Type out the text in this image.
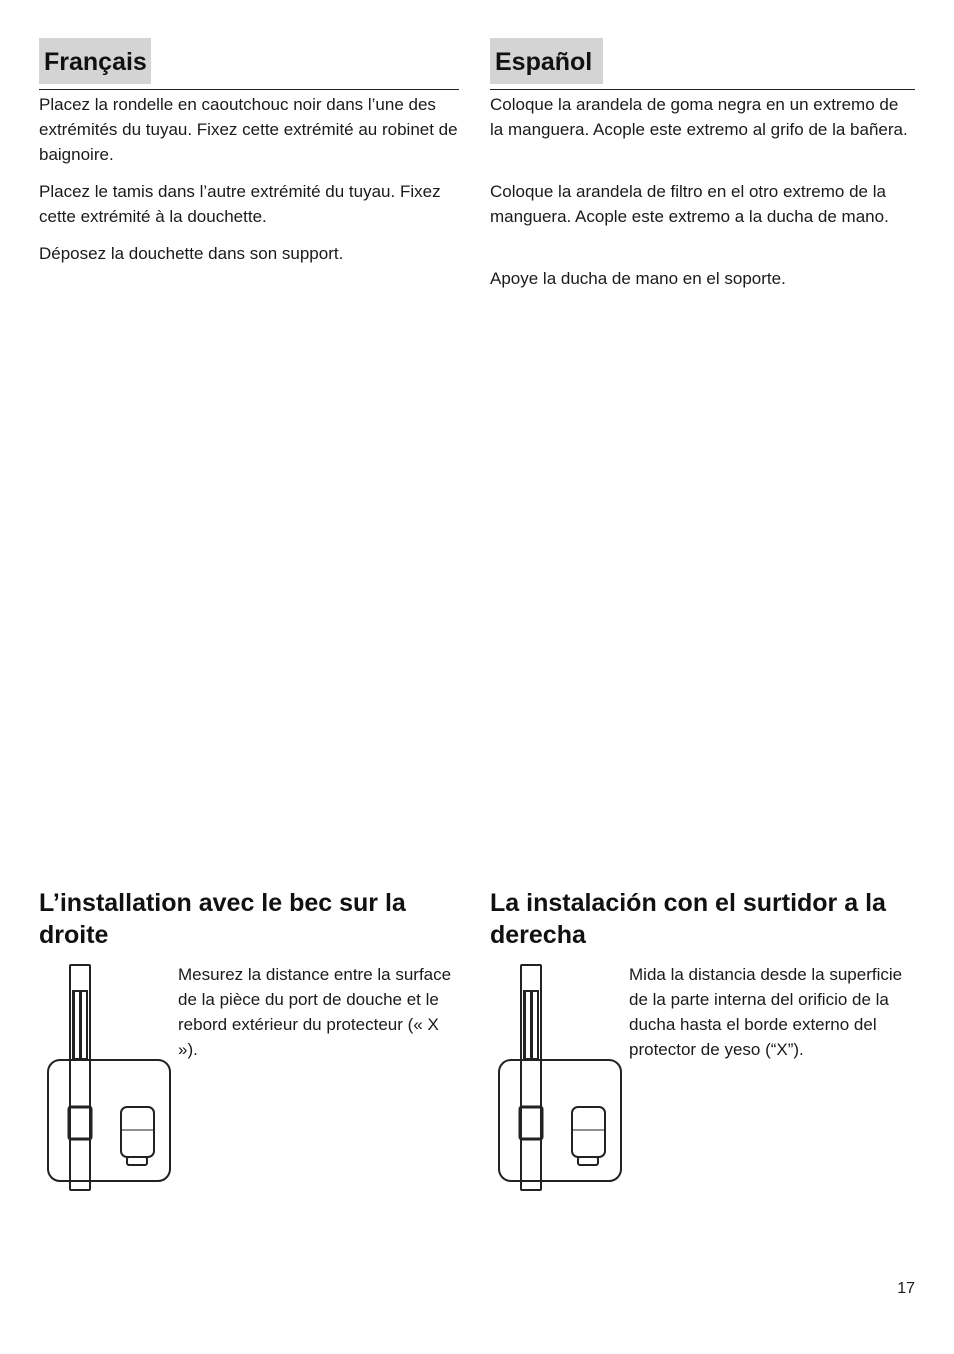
Français	Español

Placez la rondelle en caoutchouc noir dans l’une des extrémités du tuyau. Fixez cette extrémité au robinet de baignoire.

Placez le tamis dans l’autre extrémité du tuyau. Fixez cette extrémité à la douchette.

Déposez la douchette dans son support.

Coloque la arandela de goma negra en un extremo de la manguera. Acople este extremo al grifo de la bañera.

Coloque la arandela de filtro en el otro extremo de la manguera. Acople este extremo a la ducha de mano.

Apoye la ducha de mano en el soporte.

L’installation avec le bec sur la droite

Mesurez la distance entre la surface de la pièce du port de douche et le rebord extérieur du protecteur (« X »).

La instalación con el surtidor a la derecha

Mida la distancia desde la superficie de la parte interna del orificio de la ducha hasta el borde externo del protector de yeso (“X”).

17
